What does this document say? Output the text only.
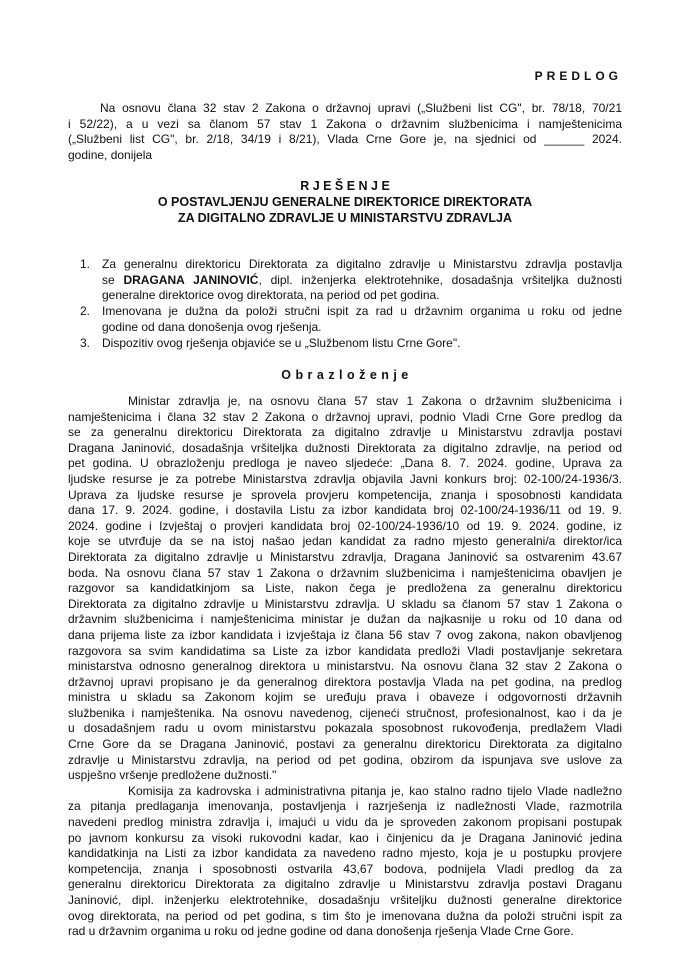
PREDLOG
Na osnovu člana 32 stav 2 Zakona o državnoj upravi („Službeni list CG", br. 78/18, 70/21
i 52/22), a u vezi sa članom 57 stav 1 Zakona o državnim službenicima i namještenicima
(„Službeni list CG", br. 2/18, 34/19 i 8/21), Vlada Crne Gore je, na sjednici od ______ 2024.
godine, donijela
R J E Š E N J E
O POSTAVLJENJU GENERALNE DIREKTORICE DIREKTORATA
ZA DIGITALNO ZDRAVLJE U MINISTARSTVU ZDRAVLJA
1. Za generalnu direktoricu Direktorata za digitalno zdravlje u Ministarstvu zdravlja postavlja
se DRAGANA JANINOVIĆ, dipl. inženjerka elektrotehnike, dosadašnja vršiteljka dužnosti
generalne direktorice ovog direktorata, na period od pet godina.
2. Imenovana je dužna da položi stručni ispit za rad u državnim organima u roku od jedne
godine od dana donošenja ovog rješenja.
3. Dispozitiv ovog rješenja objaviće se u „Službenom listu Crne Gore".
O b r a z l o ž e n j e
Ministar zdravlja je, na osnovu člana 57 stav 1 Zakona o državnim službenicima i
namještenicima i člana 32 stav 2 Zakona o državnoj upravi, podnio Vladi Crne Gore predlog da
se za generalnu direktoricu Direktorata za digitalno zdravlje u Ministarstvu zdravlja postavi
Dragana Janinović, dosadašnja vršiteljka dužnosti Direktorata za digitalno zdravlje, na period od
pet godina. U obrazloženju predloga je naveo sljedeće: „Dana 8. 7. 2024. godine, Uprava za
ljudske resurse je za potrebe Ministarstva zdravlja objavila Javni konkurs broj: 02-100/24-1936/3.
Uprava za ljudske resurse je sprovela provjeru kompetencija, znanja i sposobnosti kandidata
dana 17. 9. 2024. godine, i dostavila Listu za izbor kandidata broj 02-100/24-1936/11 od 19. 9.
2024. godine i Izvještaj o provjeri kandidata broj 02-100/24-1936/10 od 19. 9. 2024. godine, iz
koje se utvrđuje da se na istoj našao jedan kandidat za radno mjesto generalni/a direktor/ica
Direktorata za digitalno zdravlje u Ministarstvu zdravlja, Dragana Janinović sa ostvarenim 43.67
boda. Na osnovu člana 57 stav 1 Zakona o državnim službenicima i namještenicima obavljen je
razgovor sa kandidatkinjom sa Liste, nakon čega je predložena za generalnu direktoricu
Direktorata za digitalno zdravlje u Ministarstvu zdravlja. U skladu sa članom 57 stav 1 Zakona o
državnim službenicima i namještenicima ministar je dužan da najkasnije u roku od 10 dana od
dana prijema liste za izbor kandidata i izvještaja iz člana 56 stav 7 ovog zakona, nakon obavljenog
razgovora sa svim kandidatima sa Liste za izbor kandidata predloži Vladi postavljanje sekretara
ministarstva odnosno generalnog direktora u ministarstvu. Na osnovu člana 32 stav 2 Zakona o
državnoj upravi propisano je da generalnog direktora postavlja Vlada na pet godina, na predlog
ministra u skladu sa Zakonom kojim se uređuju prava i obaveze i odgovornosti državnih
službenika i namještenika. Na osnovu navedenog, cijeneći stručnost, profesionalnost, kao i da je
u dosadašnjem radu u ovom ministarstvu pokazala sposobnost rukovođenja, predlažem Vladi
Crne Gore da se Dragana Janinović, postavi za generalnu direktoricu Direktorata za digitalno
zdravlje u Ministarstvu zdravlja, na period od pet godina, obzirom da ispunjava sve uslove za
uspješno vršenje predložene dužnosti."
Komisija za kadrovska i administrativna pitanja je, kao stalno radno tijelo Vlade nadležno
za pitanja predlaganja imenovanja, postavljenja i razrješenja iz nadležnosti Vlade, razmotrila
navedeni predlog ministra zdravlja i, imajući u vidu da je sproveden zakonom propisani postupak
po javnom konkursu za visoki rukovodni kadar, kao i činjenicu da je Dragana Janinović jedina
kandidatkinja na Listi za izbor kandidata za navedeno radno mjesto, koja je u postupku provjere
kompetencija, znanja i sposobnosti ostvarila 43,67 bodova, podnijela Vladi predlog da za
generalnu direktoricu Direktorata za digitalno zdravlje u Ministarstvu zdravlja postavi Draganu
Janinović, dipl. inženjerku elektrotehnike, dosadašnju vršiteljku dužnosti generalne direktorice
ovog direktorata, na period od pet godina, s tim što je imenovana dužna da položi stručni ispit za
rad u državnim organima u roku od jedne godine od dana donošenja rješenja Vlade Crne Gore.
